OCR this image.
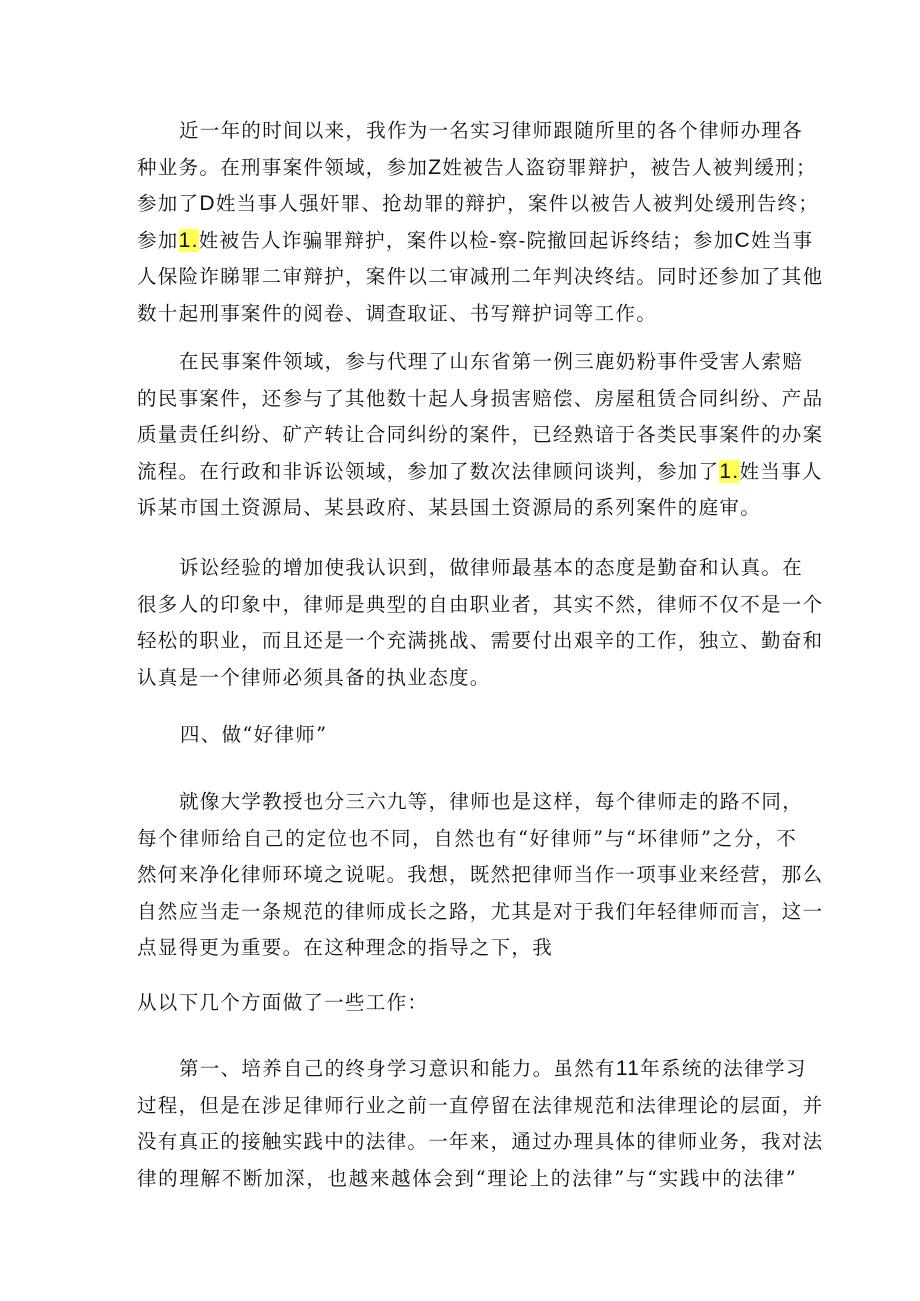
近一年的时间以来，我作为一名实习律师跟随所里的各个律师办理各
种业务。在刑事案件领域，参加Z姓被告人盗窃罪辩护，被告人被判缓刑；
参加了D姓当事人强奸罪、抢劫罪的辩护，案件以被告人被判处缓刑告终；
参加1.姓被告人诈骗罪辩护，案件以检-察-院撤回起诉终结；参加C姓当事
人保险诈睇罪二审辩护，案件以二审减刑二年判决终结。同时还参加了其他
数十起刑事案件的阅卷、调查取证、书写辩护词等工作。
在民事案件领域，参与代理了山东省第一例三鹿奶粉事件受害人索赔
的民事案件，还参与了其他数十起人身损害赔偿、房屋租赁合同纠纷、产品
质量责任纠纷、矿产转让合同纠纷的案件，已经熟谙于各类民事案件的办案
流程。在行政和非诉讼领域，参加了数次法律顾问谈判，参加了1.姓当事人
诉某市国土资源局、某县政府、某县国土资源局的系列案件的庭审。
诉讼经验的增加使我认识到，做律师最基本的态度是勤奋和认真。在
很多人的印象中，律师是典型的自由职业者，其实不然，律师不仅不是一个
轻松的职业，而且还是一个充满挑战、需要付出艰辛的工作，独立、勤奋和
认真是一个律师必须具备的执业态度。
四、做“好律师”
就像大学教授也分三六九等，律师也是这样，每个律师走的路不同，
每个律师给自己的定位也不同，自然也有“好律师”与“坏律师”之分，不
然何来净化律师环境之说呢。我想，既然把律师当作一项事业来经营，那么
自然应当走一条规范的律师成长之路，尤其是对于我们年轻律师而言，这一
点显得更为重要。在这种理念的指导之下，我
从以下几个方面做了一些工作：
第一、培养自己的终身学习意识和能力。虽然有11年系统的法律学习
过程，但是在涉足律师行业之前一直停留在法律规范和法律理论的层面，并
没有真正的接触实践中的法律。一年来，通过办理具体的律师业务，我对法
律的理解不断加深，也越来越体会到“理论上的法律”与“实践中的法律”
